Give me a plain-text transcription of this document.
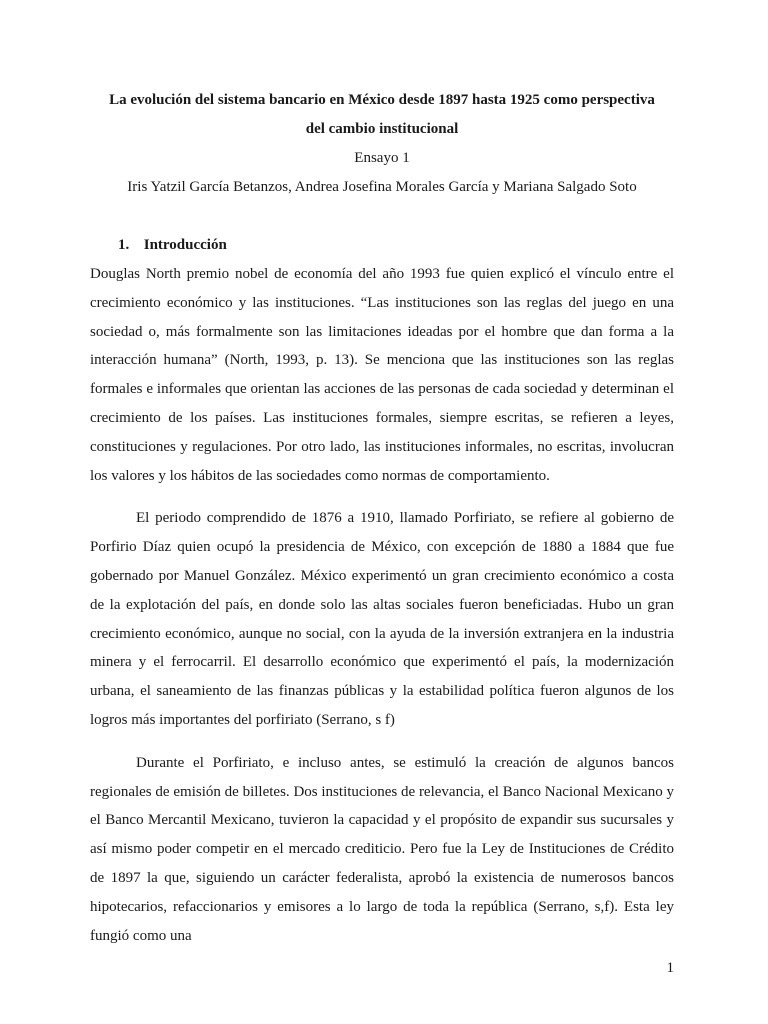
La evolución del sistema bancario en México desde 1897 hasta 1925 como perspectiva

del cambio institucional

Ensayo 1

Iris Yatzil García Betanzos, Andrea Josefina Morales García y Mariana Salgado Soto

1. Introducción

Douglas North premio nobel de economía del año 1993 fue quien explicó el vínculo entre el crecimiento económico y las instituciones. “Las instituciones son las reglas del juego en una sociedad o, más formalmente son las limitaciones ideadas por el hombre que dan forma a la interacción humana” (North, 1993, p. 13). Se menciona que las instituciones son las reglas formales e informales que orientan las acciones de las personas de cada sociedad y determinan el crecimiento de los países. Las instituciones formales, siempre escritas, se refieren a leyes, constituciones y regulaciones. Por otro lado, las instituciones informales, no escritas, involucran los valores y los hábitos de las sociedades como normas de comportamiento.

El periodo comprendido de 1876 a 1910, llamado Porfiriato, se refiere al gobierno de Porfirio Díaz quien ocupó la presidencia de México, con excepción de 1880 a 1884 que fue gobernado por Manuel González. México experimentó un gran crecimiento económico a costa de la explotación del país, en donde solo las altas sociales fueron beneficiadas. Hubo un gran crecimiento económico, aunque no social, con la ayuda de la inversión extranjera en la industria minera y el ferrocarril. El desarrollo económico que experimentó el país, la modernización urbana, el saneamiento de las finanzas públicas y la estabilidad política fueron algunos de los logros más importantes del porfiriato (Serrano, s f)

Durante el Porfiriato, e incluso antes, se estimuló la creación de algunos bancos regionales de emisión de billetes. Dos instituciones de relevancia, el Banco Nacional Mexicano y el Banco Mercantil Mexicano, tuvieron la capacidad y el propósito de expandir sus sucursales y así mismo poder competir en el mercado crediticio. Pero fue la Ley de Instituciones de Crédito de 1897 la que, siguiendo un carácter federalista, aprobó la existencia de numerosos bancos hipotecarios, refaccionarios y emisores a lo largo de toda la república (Serrano, s,f). Esta ley fungió como una

1
